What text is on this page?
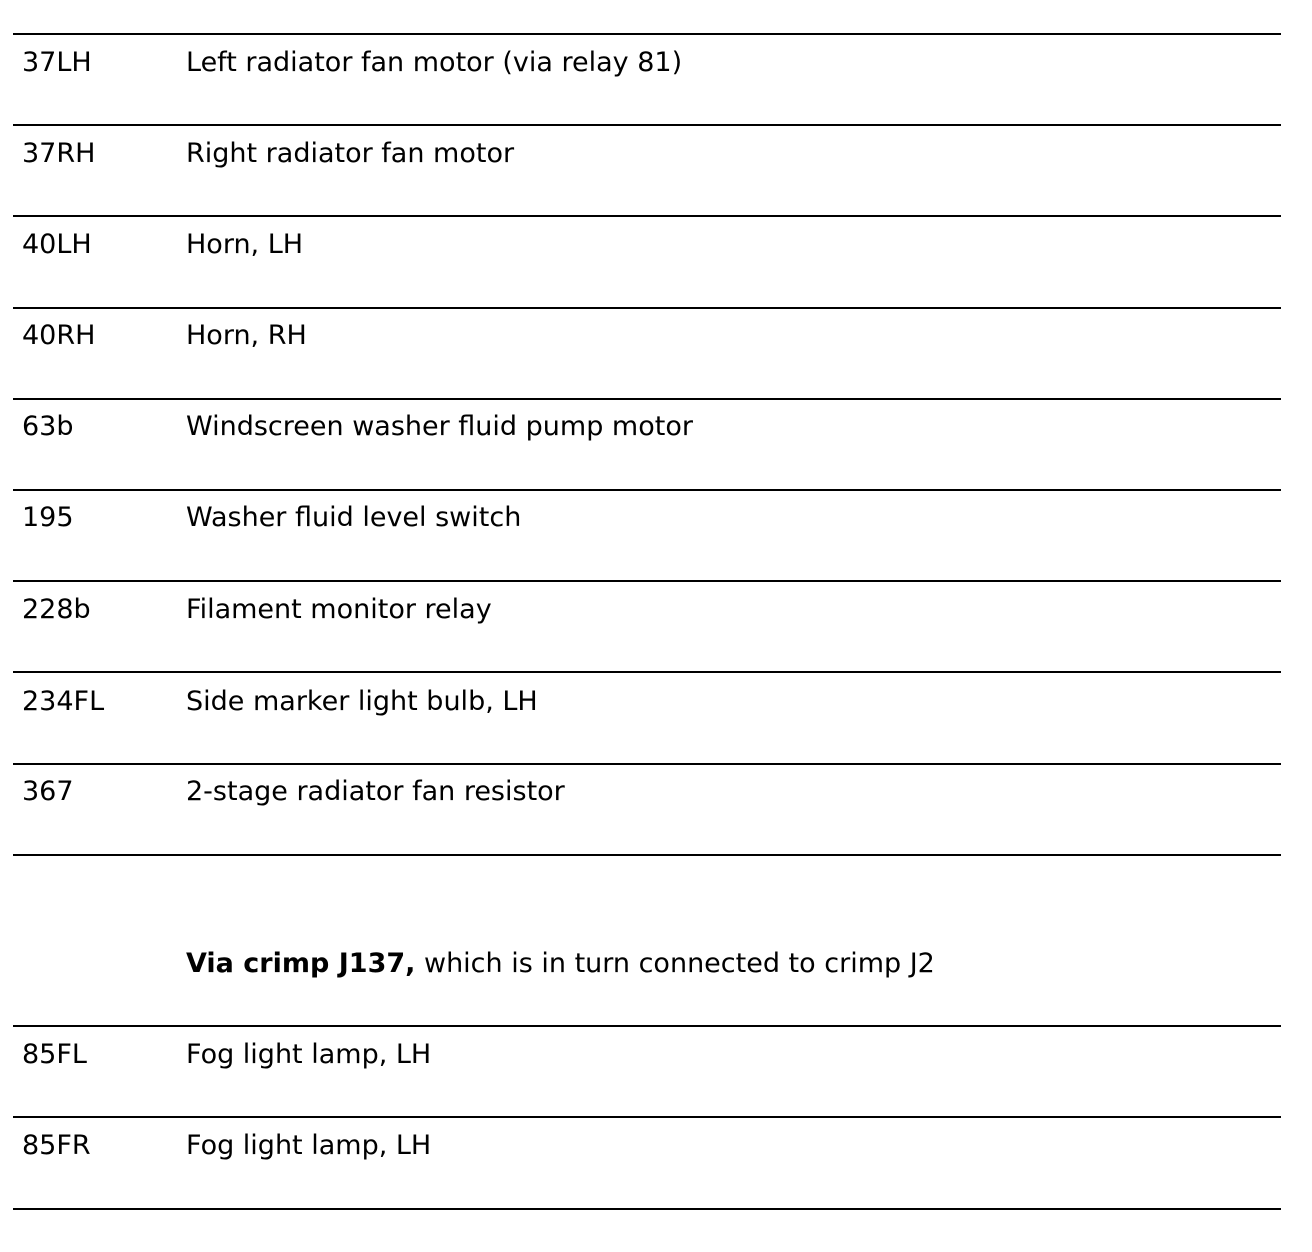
37LH	Left radiator fan motor (via relay 81)
37RH	Right radiator fan motor
40LH	Horn, LH
40RH	Horn, RH
63b	Windscreen washer fluid pump motor
195	Washer fluid level switch
228b	Filament monitor relay
234FL	Side marker light bulb, LH
367	2-stage radiator fan resistor
Via crimp J137, which is in turn connected to crimp J2
85FL	Fog light lamp, LH
85FR	Fog light lamp, LH
